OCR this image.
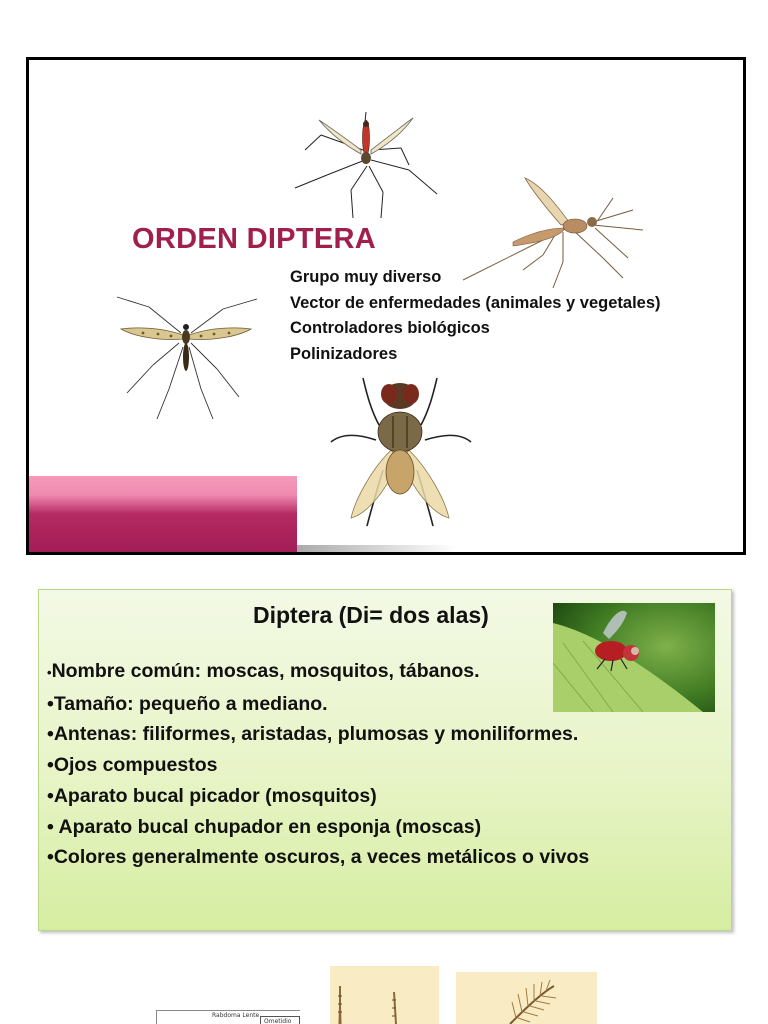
ORDEN DIPTERA
Grupo muy diverso
Vector de enfermedades (animales y vegetales)
Controladores biológicos
Polinizadores
Diptera (Di= dos alas)
•Nombre común: moscas, mosquitos, tábanos.
•Tamaño: pequeño a mediano.
•Antenas: filiformes, aristadas, plumosas y moniliformes.
•Ojos compuestos
•Aparato bucal picador (mosquitos)
• Aparato bucal chupador en esponja (moscas)
•Colores generalmente oscuros, a veces metálicos o vivos
Rabdoma Lente
Ometidio
